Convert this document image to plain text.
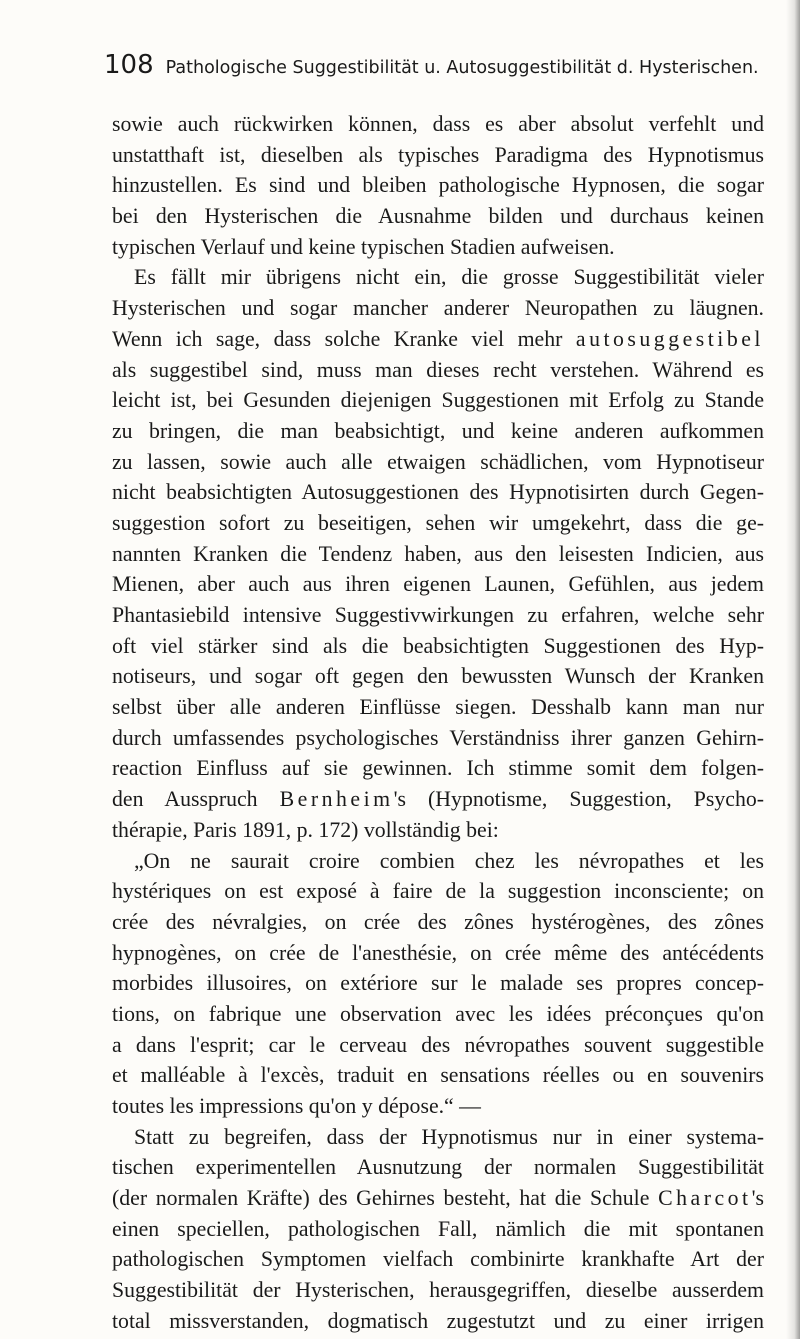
108 Pathologische Suggestibilität u. Autosuggestibilität d. Hysterischen.
sowie auch rückwirken können, dass es aber absolut verfehlt und
unstatthaft ist, dieselben als typisches Paradigma des Hypnotismus
hinzustellen. Es sind und bleiben pathologische Hypnosen, die sogar
bei den Hysterischen die Ausnahme bilden und durchaus keinen
typischen Verlauf und keine typischen Stadien aufweisen.
Es fällt mir übrigens nicht ein, die grosse Suggestibilität vieler
Hysterischen und sogar mancher anderer Neuropathen zu läugnen.
Wenn ich sage, dass solche Kranke viel mehr autosuggestibel
als suggestibel sind, muss man dieses recht verstehen. Während es
leicht ist, bei Gesunden diejenigen Suggestionen mit Erfolg zu Stande
zu bringen, die man beabsichtigt, und keine anderen aufkommen
zu lassen, sowie auch alle etwaigen schädlichen, vom Hypnotiseur
nicht beabsichtigten Autosuggestionen des Hypnotisirten durch Gegen-
suggestion sofort zu beseitigen, sehen wir umgekehrt, dass die ge-
nannten Kranken die Tendenz haben, aus den leisesten Indicien, aus
Mienen, aber auch aus ihren eigenen Launen, Gefühlen, aus jedem
Phantasiebild intensive Suggestivwirkungen zu erfahren, welche sehr
oft viel stärker sind als die beabsichtigten Suggestionen des Hyp-
notiseurs, und sogar oft gegen den bewussten Wunsch der Kranken
selbst über alle anderen Einflüsse siegen. Desshalb kann man nur
durch umfassendes psychologisches Verständniss ihrer ganzen Gehirn-
reaction Einfluss auf sie gewinnen. Ich stimme somit dem folgen-
den Ausspruch Bernheim's (Hypnotisme, Suggestion, Psycho-
thérapie, Paris 1891, p. 172) vollständig bei:
„On ne saurait croire combien chez les névropathes et les
hystériques on est exposé à faire de la suggestion inconsciente; on
crée des névralgies, on crée des zônes hystérogènes, des zônes
hypnogènes, on crée de l'anesthésie, on crée même des antécédents
morbides illusoires, on extériore sur le malade ses propres concep-
tions, on fabrique une observation avec les idées préconçues qu'on
a dans l'esprit; car le cerveau des névropathes souvent suggestible
et malléable à l'excès, traduit en sensations réelles ou en souvenirs
toutes les impressions qu'on y dépose.“ —
Statt zu begreifen, dass der Hypnotismus nur in einer systema-
tischen experimentellen Ausnutzung der normalen Suggestibilität
(der normalen Kräfte) des Gehirnes besteht, hat die Schule Charcot's
einen speciellen, pathologischen Fall, nämlich die mit spontanen
pathologischen Symptomen vielfach combinirte krankhafte Art der
Suggestibilität der Hysterischen, herausgegriffen, dieselbe ausserdem
total missverstanden, dogmatisch zugestutzt und zu einer irrigen
